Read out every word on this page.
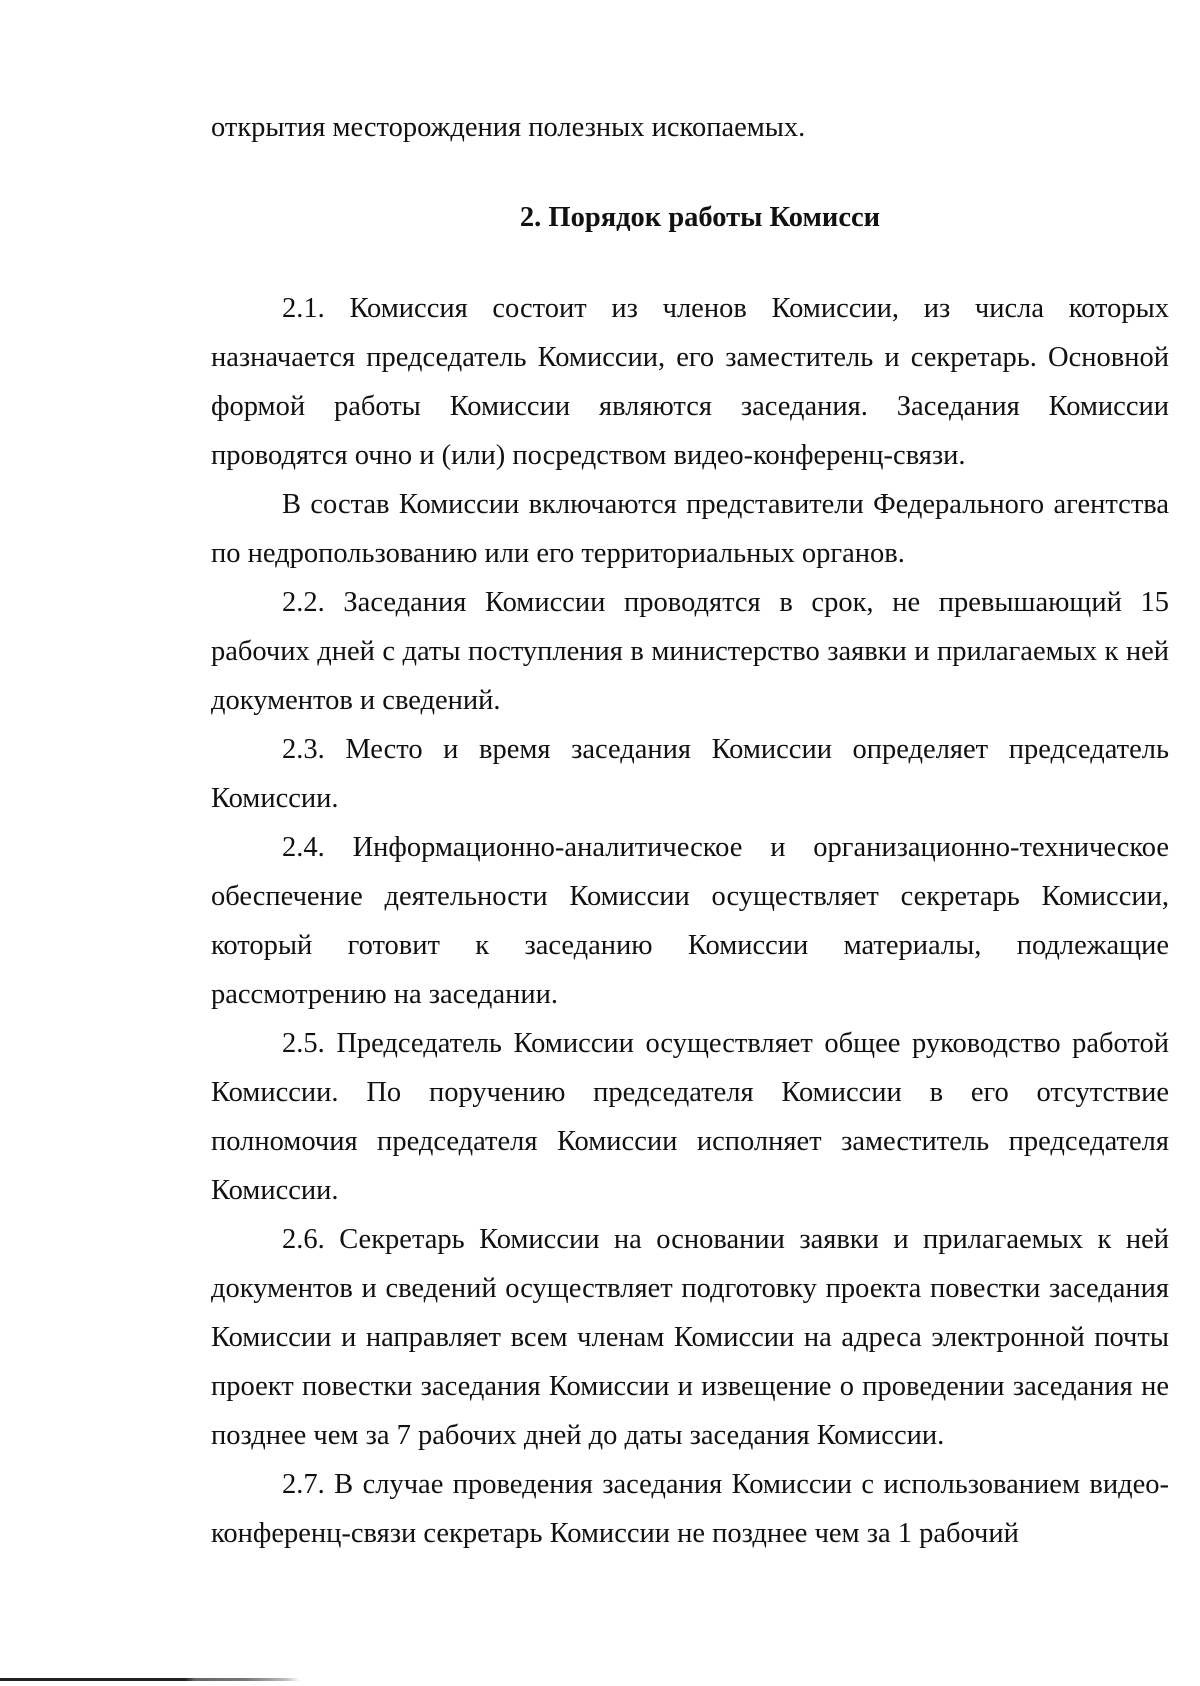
открытия месторождения полезных ископаемых.

2. Порядок работы Комисси

2.1. Комиссия состоит из членов Комиссии, из числа которых назначается председатель Комиссии, его заместитель и секретарь. Основной формой работы Комиссии являются заседания. Заседания Комиссии проводятся очно и (или) посредством видео-конференц-связи.

В состав Комиссии включаются представители Федерального агентства по недропользованию или его территориальных органов.

2.2. Заседания Комиссии проводятся в срок, не превышающий 15 рабочих дней с даты поступления в министерство заявки и прилагаемых к ней документов и сведений.

2.3. Место и время заседания Комиссии определяет председатель Комиссии.

2.4. Информационно-аналитическое и организационно-техническое обеспечение деятельности Комиссии осуществляет секретарь Комиссии, который готовит к заседанию Комиссии материалы, подлежащие рассмотрению на заседании.

2.5. Председатель Комиссии осуществляет общее руководство работой Комиссии. По поручению председателя Комиссии в его отсутствие полномочия председателя Комиссии исполняет заместитель председателя Комиссии.

2.6. Секретарь Комиссии на основании заявки и прилагаемых к ней документов и сведений осуществляет подготовку проекта повестки заседания Комиссии и направляет всем членам Комиссии на адреса электронной почты проект повестки заседания Комиссии и извещение о проведении заседания не позднее чем за 7 рабочих дней до даты заседания Комиссии.

2.7. В случае проведения заседания Комиссии с использованием видео-конференц-связи секретарь Комиссии не позднее чем за 1 рабочий
